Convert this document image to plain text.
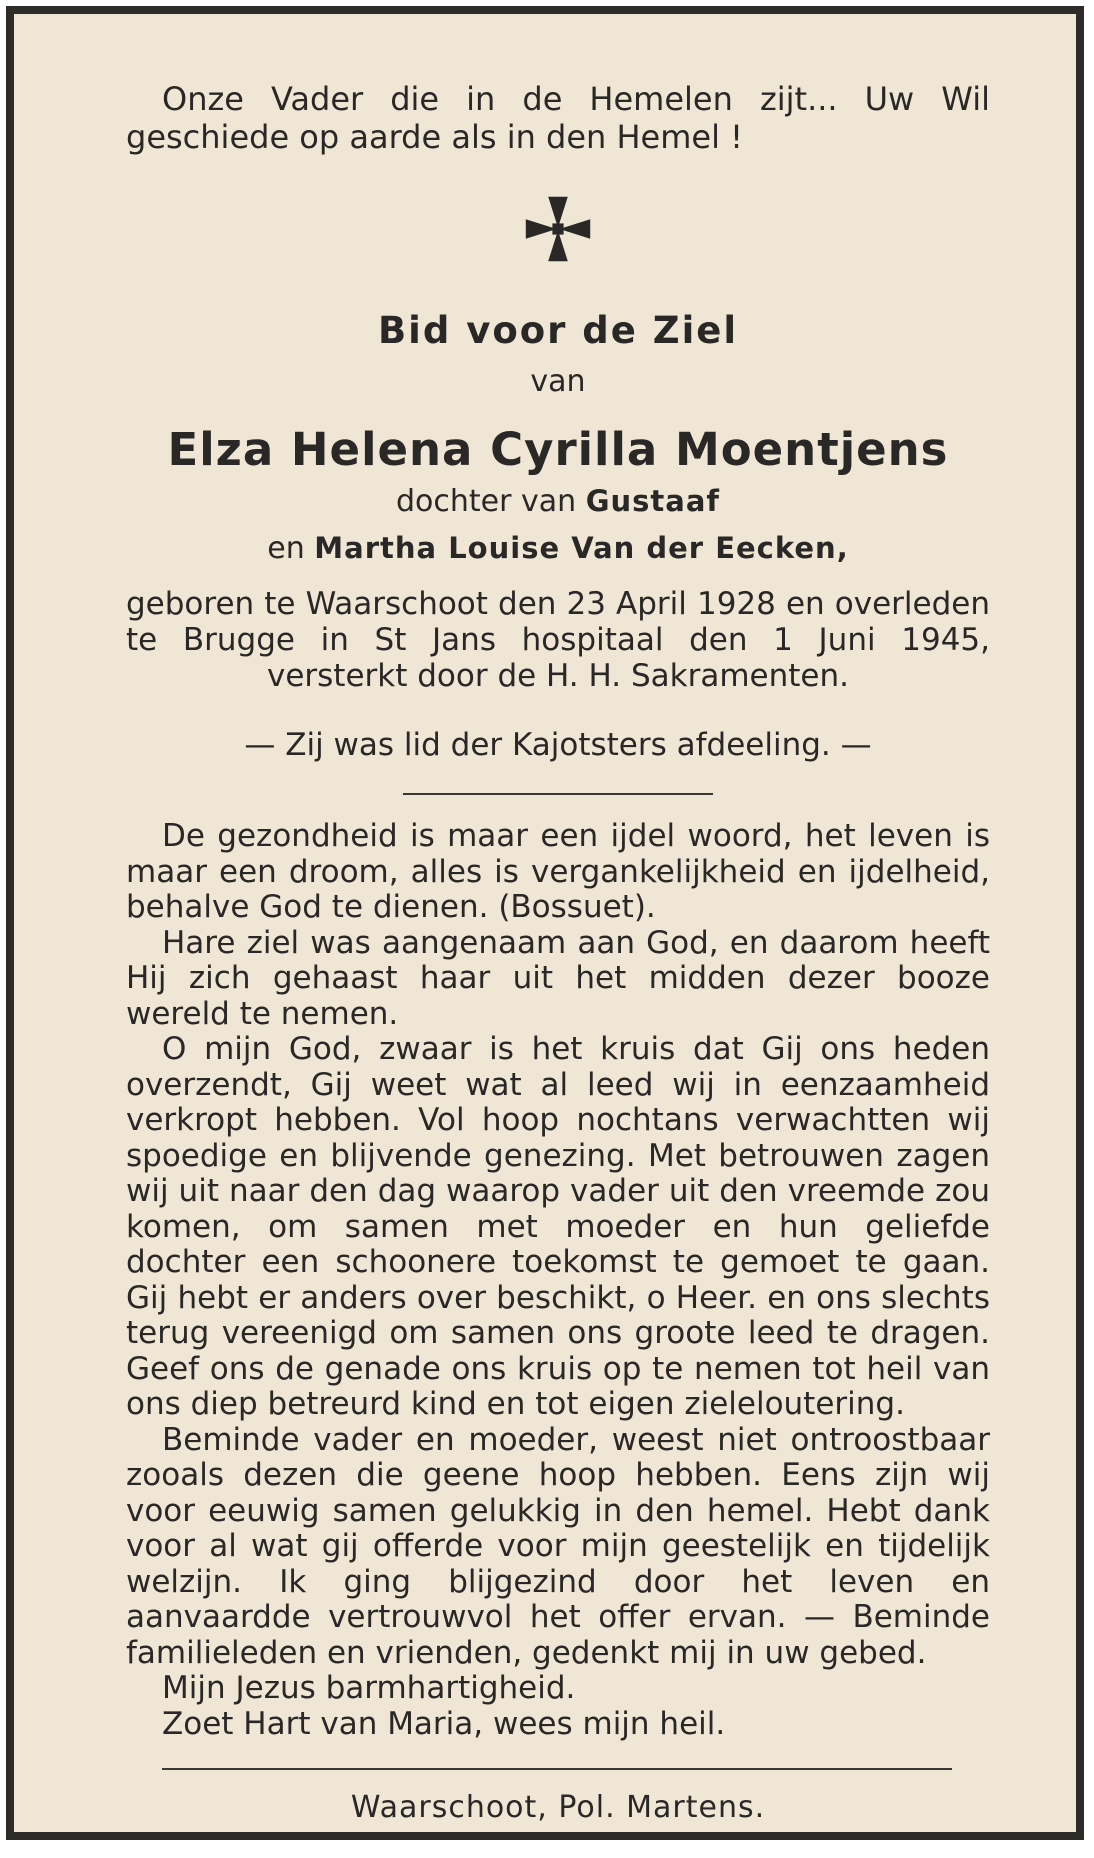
Onze Vader die in de Hemelen zijt... Uw Wil geschiede op aarde als in den Hemel !

Bid voor de Ziel

van

Elza Helena Cyrilla Moentjens

dochter van Gustaaf

en Martha Louise Van der Eecken,

geboren te Waarschoot den 23 April 1928 en overleden te Brugge in St Jans hospitaal den 1 Juni 1945, versterkt door de H. H. Sakramenten.

— Zij was lid der Kajotsters afdeeling. —

De gezondheid is maar een ijdel woord, het leven is maar een droom, alles is vergankelijkheid en ijdelheid, behalve God te dienen. (Bossuet).

Hare ziel was aangenaam aan God, en daarom heeft Hij zich gehaast haar uit het midden dezer booze wereld te nemen.

O mijn God, zwaar is het kruis dat Gij ons heden overzendt, Gij weet wat al leed wij in eenzaamheid verkropt hebben. Vol hoop nochtans verwachtten wij spoedige en blijvende genezing. Met betrouwen zagen wij uit naar den dag waarop vader uit den vreemde zou komen, om samen met moeder en hun geliefde dochter een schoonere toekomst te gemoet te gaan. Gij hebt er anders over beschikt, o Heer. en ons slechts terug vereenigd om samen ons groote leed te dragen. Geef ons de genade ons kruis op te nemen tot heil van ons diep betreurd kind en tot eigen zieleloutering.

Beminde vader en moeder, weest niet ontroostbaar zooals dezen die geene hoop hebben. Eens zijn wij voor eeuwig samen gelukkig in den hemel. Hebt dank voor al wat gij offerde voor mijn geestelijk en tijdelijk welzijn. Ik ging blijgezind door het leven en aanvaardde vertrouwvol het offer ervan. — Beminde familieleden en vrienden, gedenkt mij in uw gebed.

Mijn Jezus barmhartigheid.

Zoet Hart van Maria, wees mijn heil.

Waarschoot, Pol. Martens.
